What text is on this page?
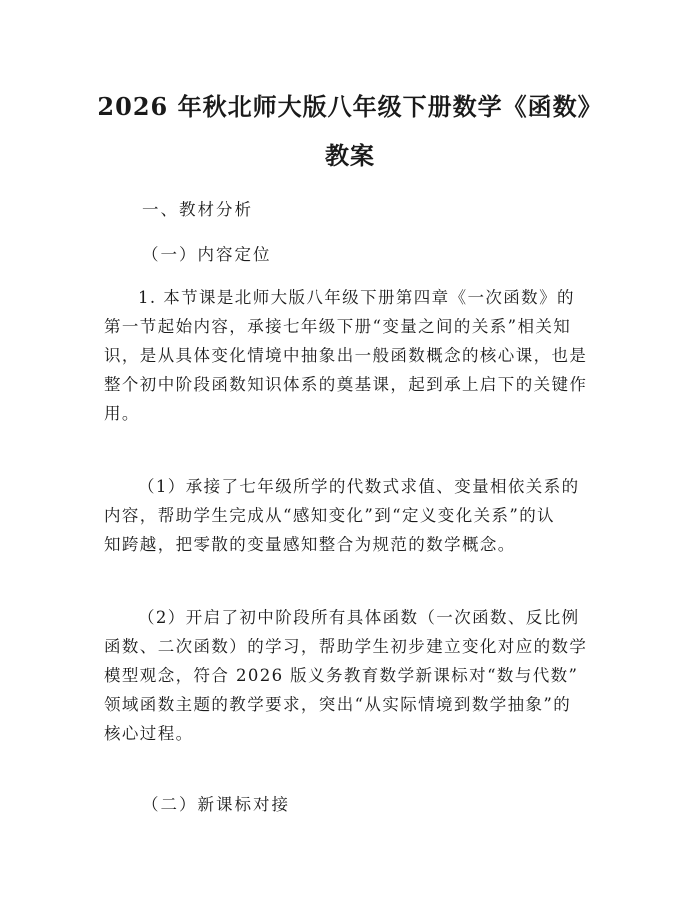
2026 年秋北师大版八年级下册数学《函数》
教案
一、教材分析
（一）内容定位
1. 本节课是北师大版八年级下册第四章《一次函数》的
第一节起始内容，承接七年级下册“变量之间的关系”相关知
识，是从具体变化情境中抽象出一般函数概念的核心课，也是
整个初中阶段函数知识体系的奠基课，起到承上启下的关键作
用。
（1）承接了七年级所学的代数式求值、变量相依关系的
内容，帮助学生完成从“感知变化”到“定义变化关系”的认
知跨越，把零散的变量感知整合为规范的数学概念。
（2）开启了初中阶段所有具体函数（一次函数、反比例
函数、二次函数）的学习，帮助学生初步建立变化对应的数学
模型观念，符合 2026 版义务教育数学新课标对“数与代数”
领域函数主题的教学要求，突出“从实际情境到数学抽象”的
核心过程。
（二）新课标对接
